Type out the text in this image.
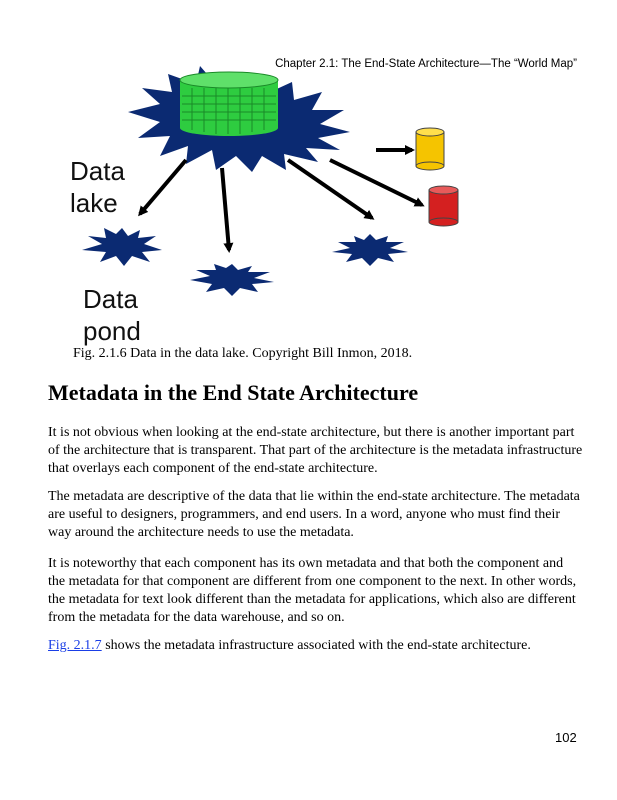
Chapter 2.1: The End-State Architecture—The “World Map”
Data
lake
Data
pond
Fig. 2.1.6 Data in the data lake. Copyright Bill Inmon, 2018.
Metadata in the End State Architecture

It is not obvious when looking at the end-state architecture, but there is another important part of the architecture that is transparent. That part of the architecture is the metadata infrastructure that overlays each component of the end-state architecture.

The metadata are descriptive of the data that lie within the end-state architecture. The metadata are useful to designers, programmers, and end users. In a word, anyone who must find their way around the architecture needs to use the metadata.

It is noteworthy that each component has its own metadata and that both the component and the metadata for that component are different from one component to the next. In other words, the metadata for text look different than the metadata for applications, which also are different from the metadata for the data warehouse, and so on.

Fig. 2.1.7 shows the metadata infrastructure associated with the end-state architecture.

102
